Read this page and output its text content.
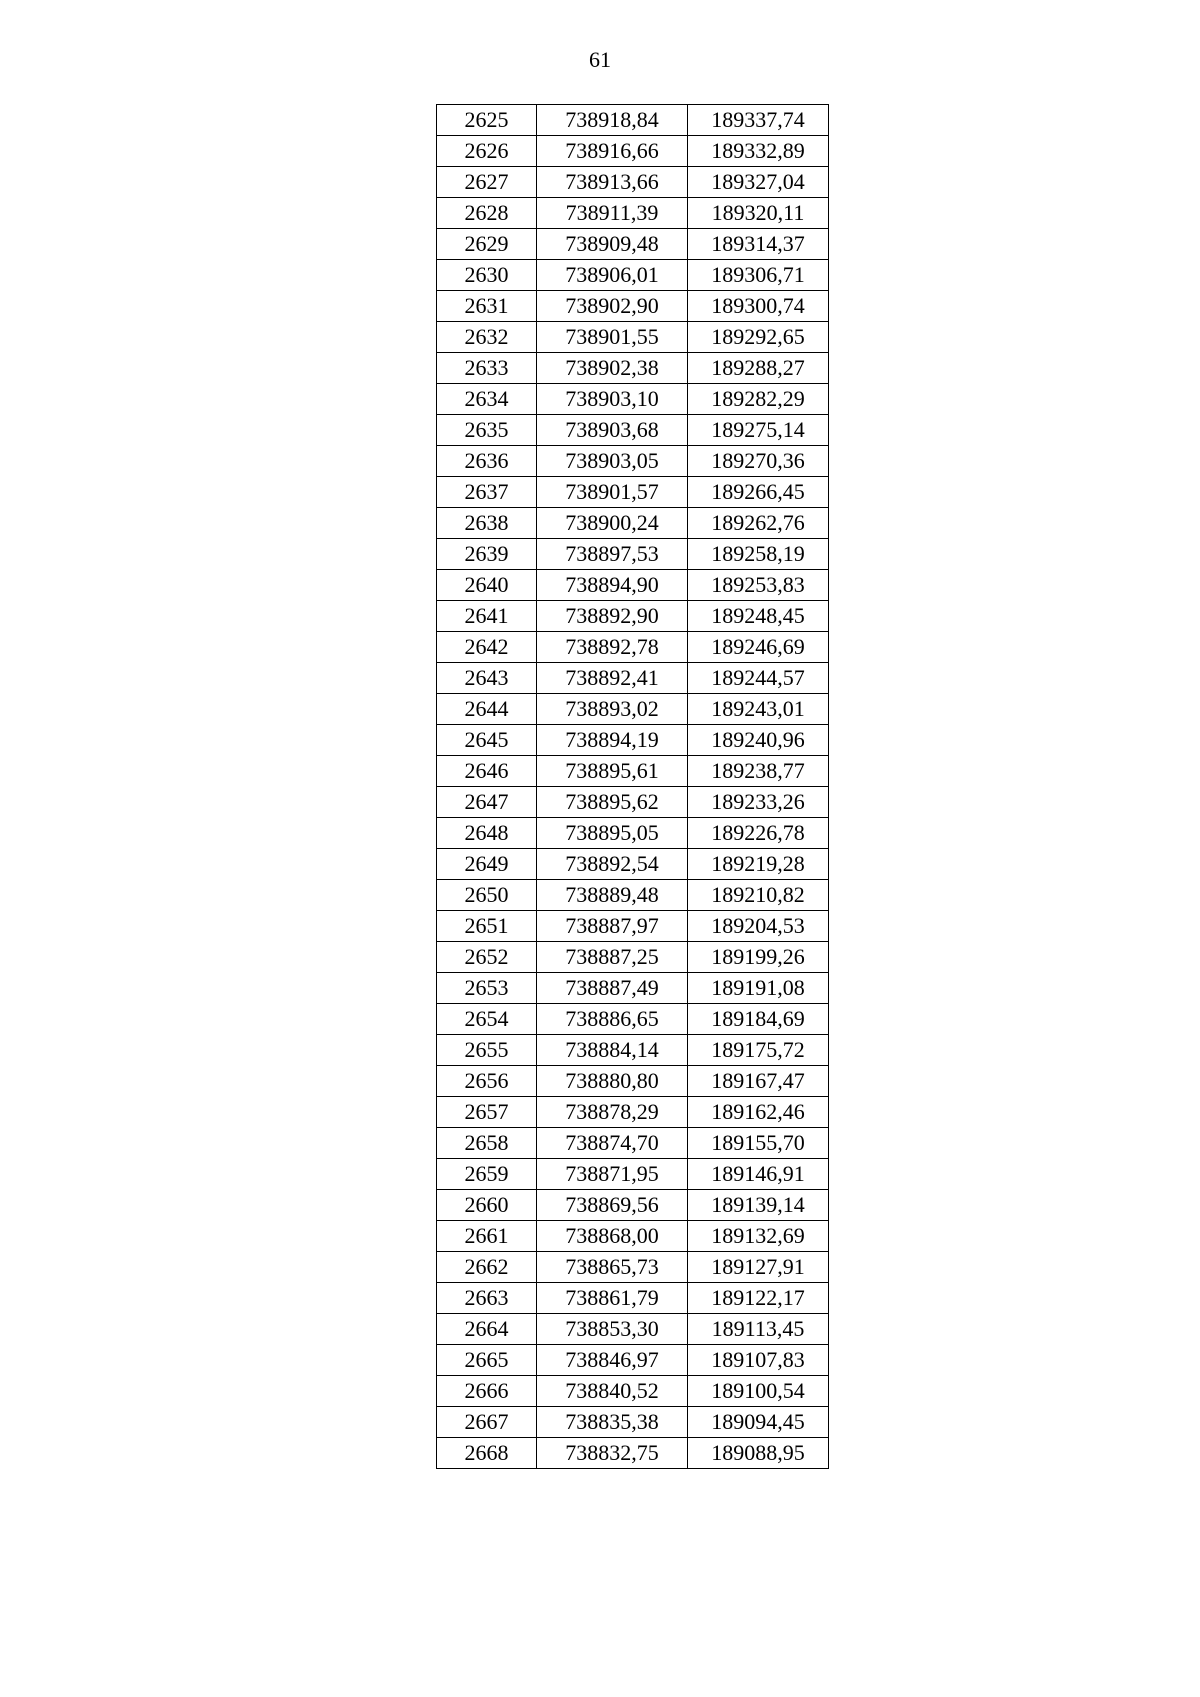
61
2625	738918,84	189337,74
2626	738916,66	189332,89
2627	738913,66	189327,04
2628	738911,39	189320,11
2629	738909,48	189314,37
2630	738906,01	189306,71
2631	738902,90	189300,74
2632	738901,55	189292,65
2633	738902,38	189288,27
2634	738903,10	189282,29
2635	738903,68	189275,14
2636	738903,05	189270,36
2637	738901,57	189266,45
2638	738900,24	189262,76
2639	738897,53	189258,19
2640	738894,90	189253,83
2641	738892,90	189248,45
2642	738892,78	189246,69
2643	738892,41	189244,57
2644	738893,02	189243,01
2645	738894,19	189240,96
2646	738895,61	189238,77
2647	738895,62	189233,26
2648	738895,05	189226,78
2649	738892,54	189219,28
2650	738889,48	189210,82
2651	738887,97	189204,53
2652	738887,25	189199,26
2653	738887,49	189191,08
2654	738886,65	189184,69
2655	738884,14	189175,72
2656	738880,80	189167,47
2657	738878,29	189162,46
2658	738874,70	189155,70
2659	738871,95	189146,91
2660	738869,56	189139,14
2661	738868,00	189132,69
2662	738865,73	189127,91
2663	738861,79	189122,17
2664	738853,30	189113,45
2665	738846,97	189107,83
2666	738840,52	189100,54
2667	738835,38	189094,45
2668	738832,75	189088,95
